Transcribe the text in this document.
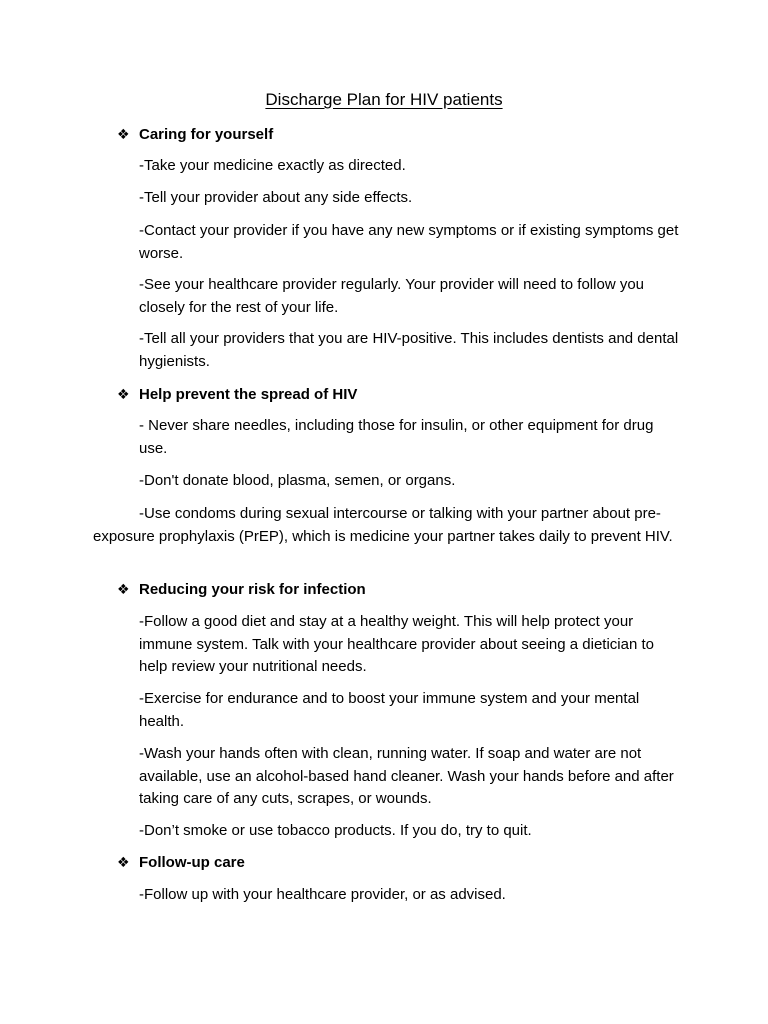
Discharge Plan for HIV patients
❖ Caring for yourself
-Take your medicine exactly as directed.
-Tell your provider about any side effects.
-Contact your provider if you have any new symptoms or if existing symptoms get worse.
-See your healthcare provider regularly. Your provider will need to follow you closely for the rest of your life.
-Tell all your providers that you are HIV-positive. This includes dentists and dental hygienists.
❖ Help prevent the spread of HIV
- Never share needles, including those for insulin, or other equipment for drug use.
-Don't donate blood, plasma, semen, or organs.
-Use condoms during sexual intercourse or talking with your partner about pre-exposure prophylaxis (PrEP), which is medicine your partner takes daily to prevent HIV.
❖ Reducing your risk for infection
-Follow a good diet and stay at a healthy weight. This will help protect your immune system. Talk with your healthcare provider about seeing a dietician to help review your nutritional needs.
-Exercise for endurance and to boost your immune system and your mental health.
-Wash your hands often with clean, running water. If soap and water are not available, use an alcohol-based hand cleaner. Wash your hands before and after taking care of any cuts, scrapes, or wounds.
-Don’t smoke or use tobacco products. If you do, try to quit.
❖ Follow-up care
-Follow up with your healthcare provider, or as advised.
